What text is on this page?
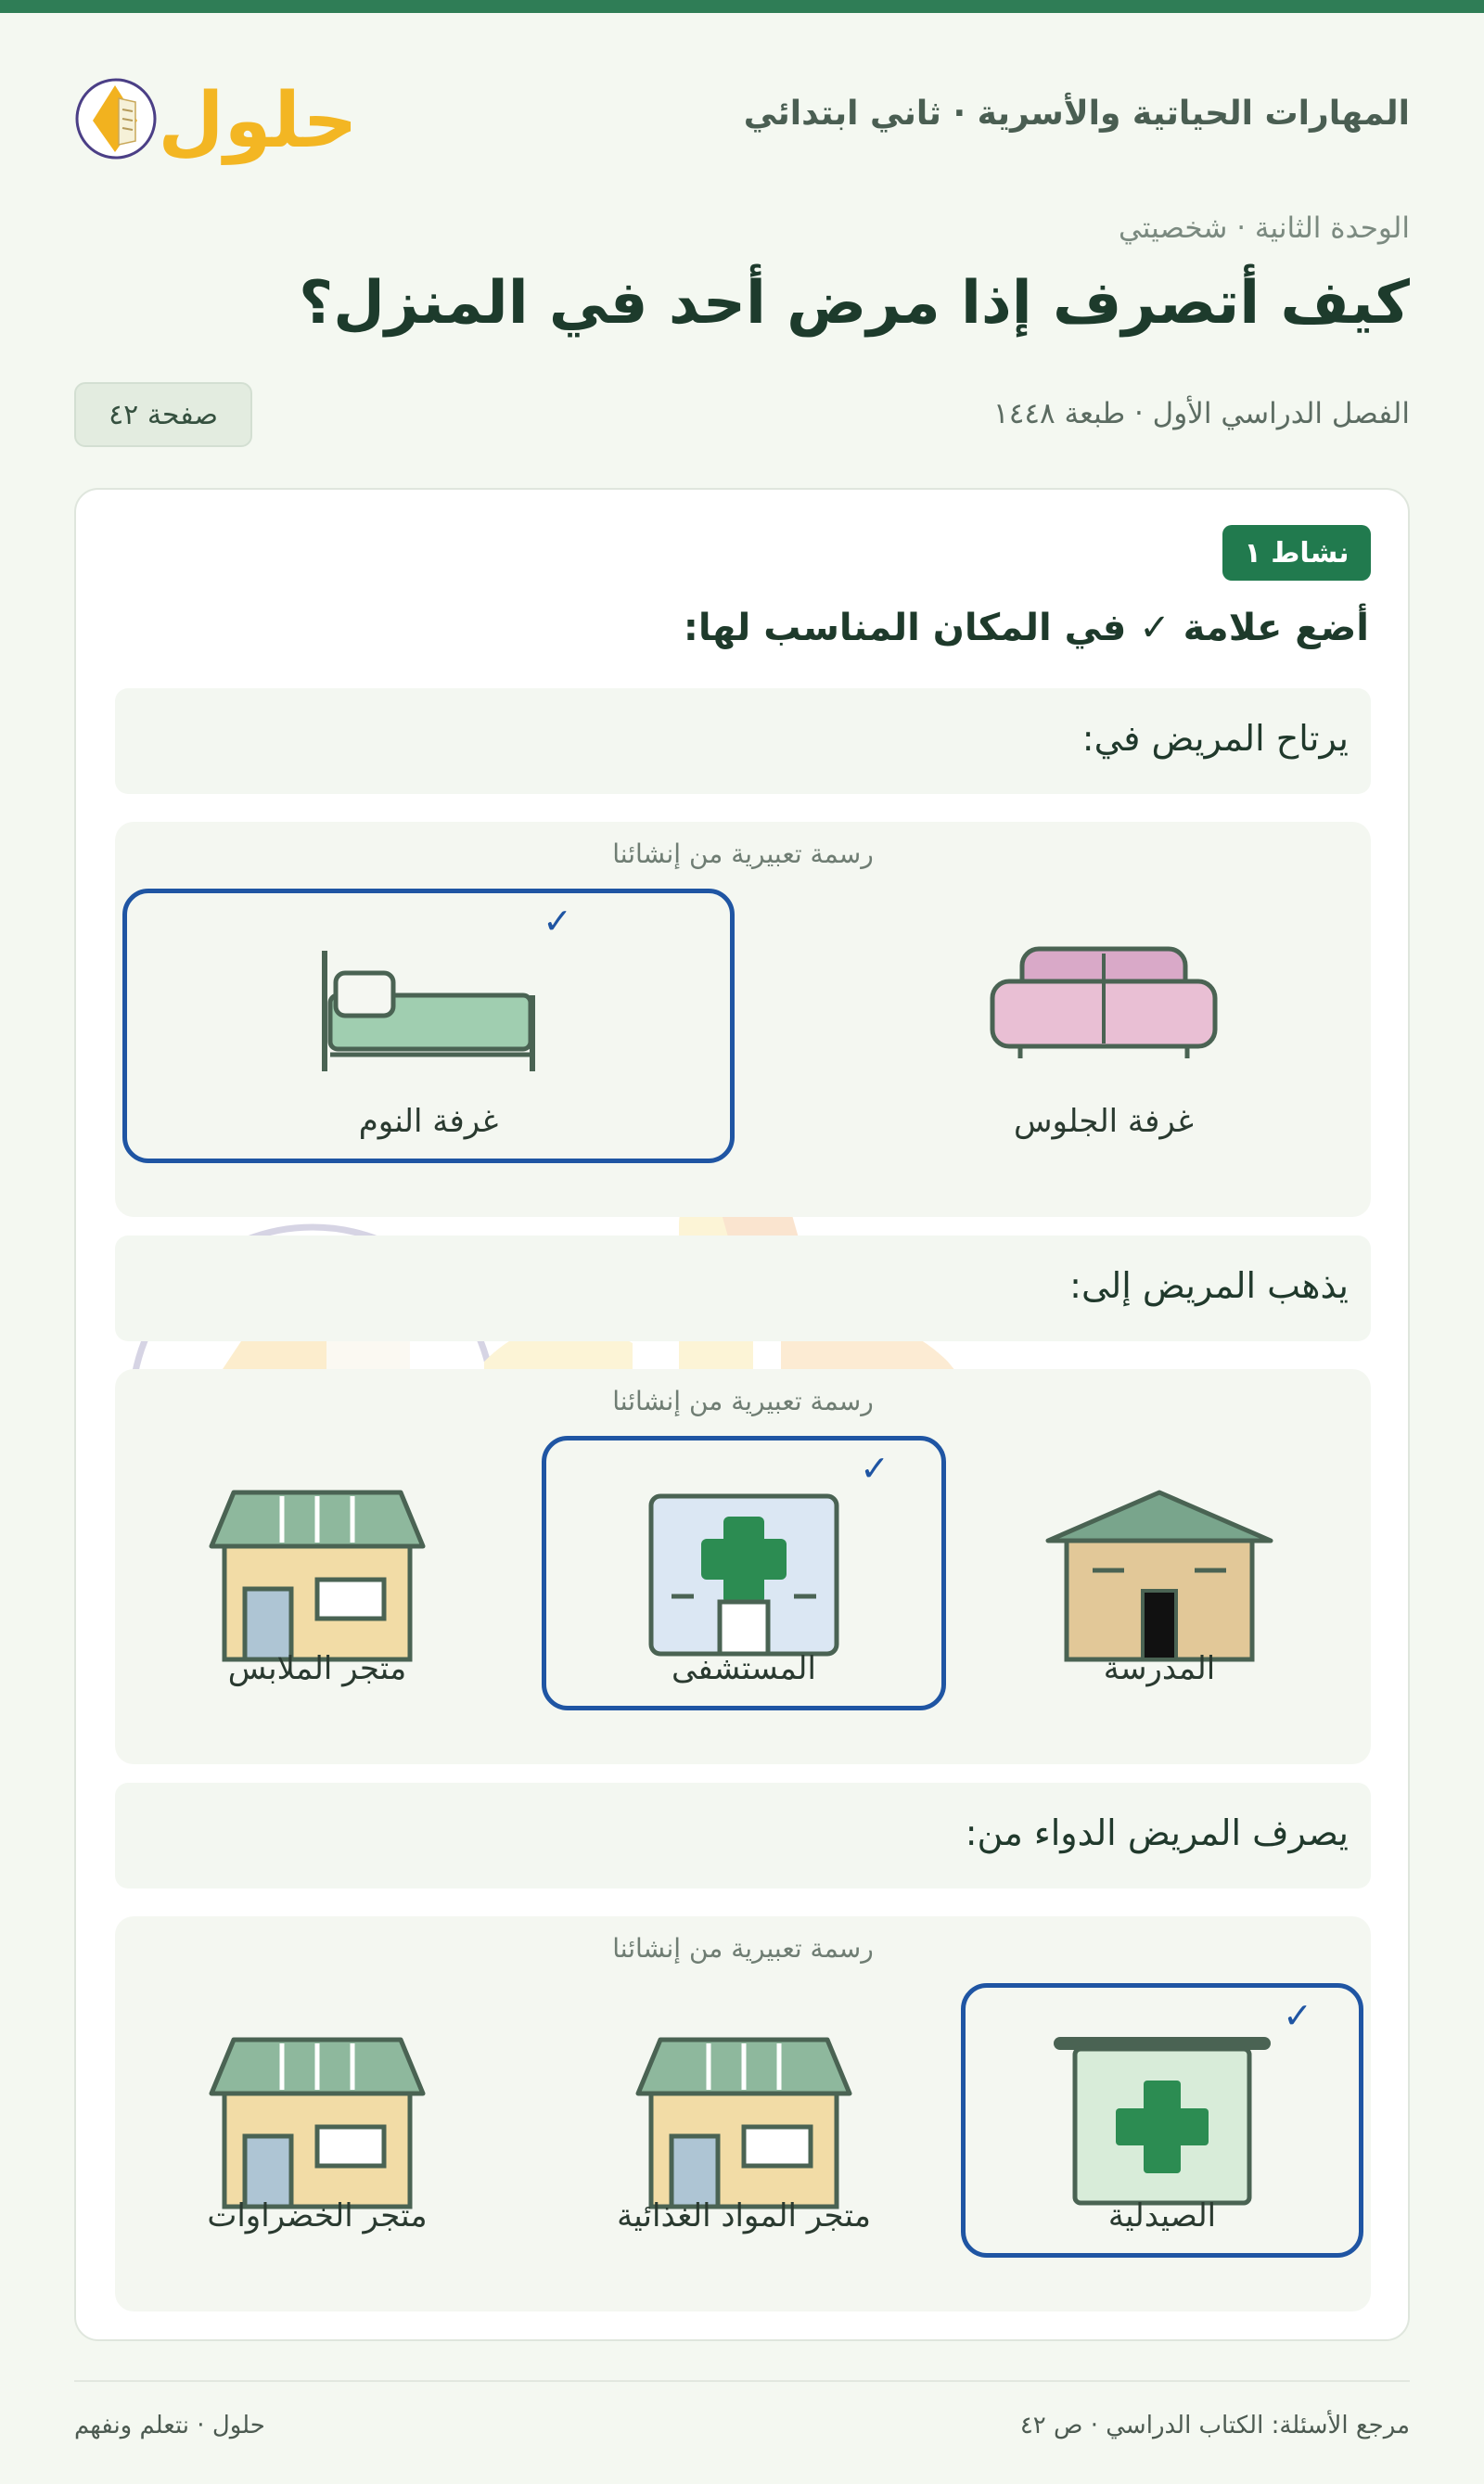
المهارات الحياتية والأسرية · ثاني ابتدائي
حلول
الوحدة الثانية · شخصيتي
كيف أتصرف إذا مرض أحد في المنزل؟
الفصل الدراسي الأول · طبعة ١٤٤٨
صفحة ٤٢
نشاط ١
أضع علامة ✓ في المكان المناسب لها:
يرتاح المريض في:
رسمة تعبيرية من إنشائنا
غرفة الجلوس
✓
غرفة النوم
يذهب المريض إلى:
رسمة تعبيرية من إنشائنا
المدرسة
✓
المستشفى
متجر الملابس
يصرف المريض الدواء من:
رسمة تعبيرية من إنشائنا
✓
الصيدلية
متجر المواد الغذائية
متجر الخضراوات
حلول · نتعلم ونفهم	مرجع الأسئلة: الكتاب الدراسي · ص ٤٢
